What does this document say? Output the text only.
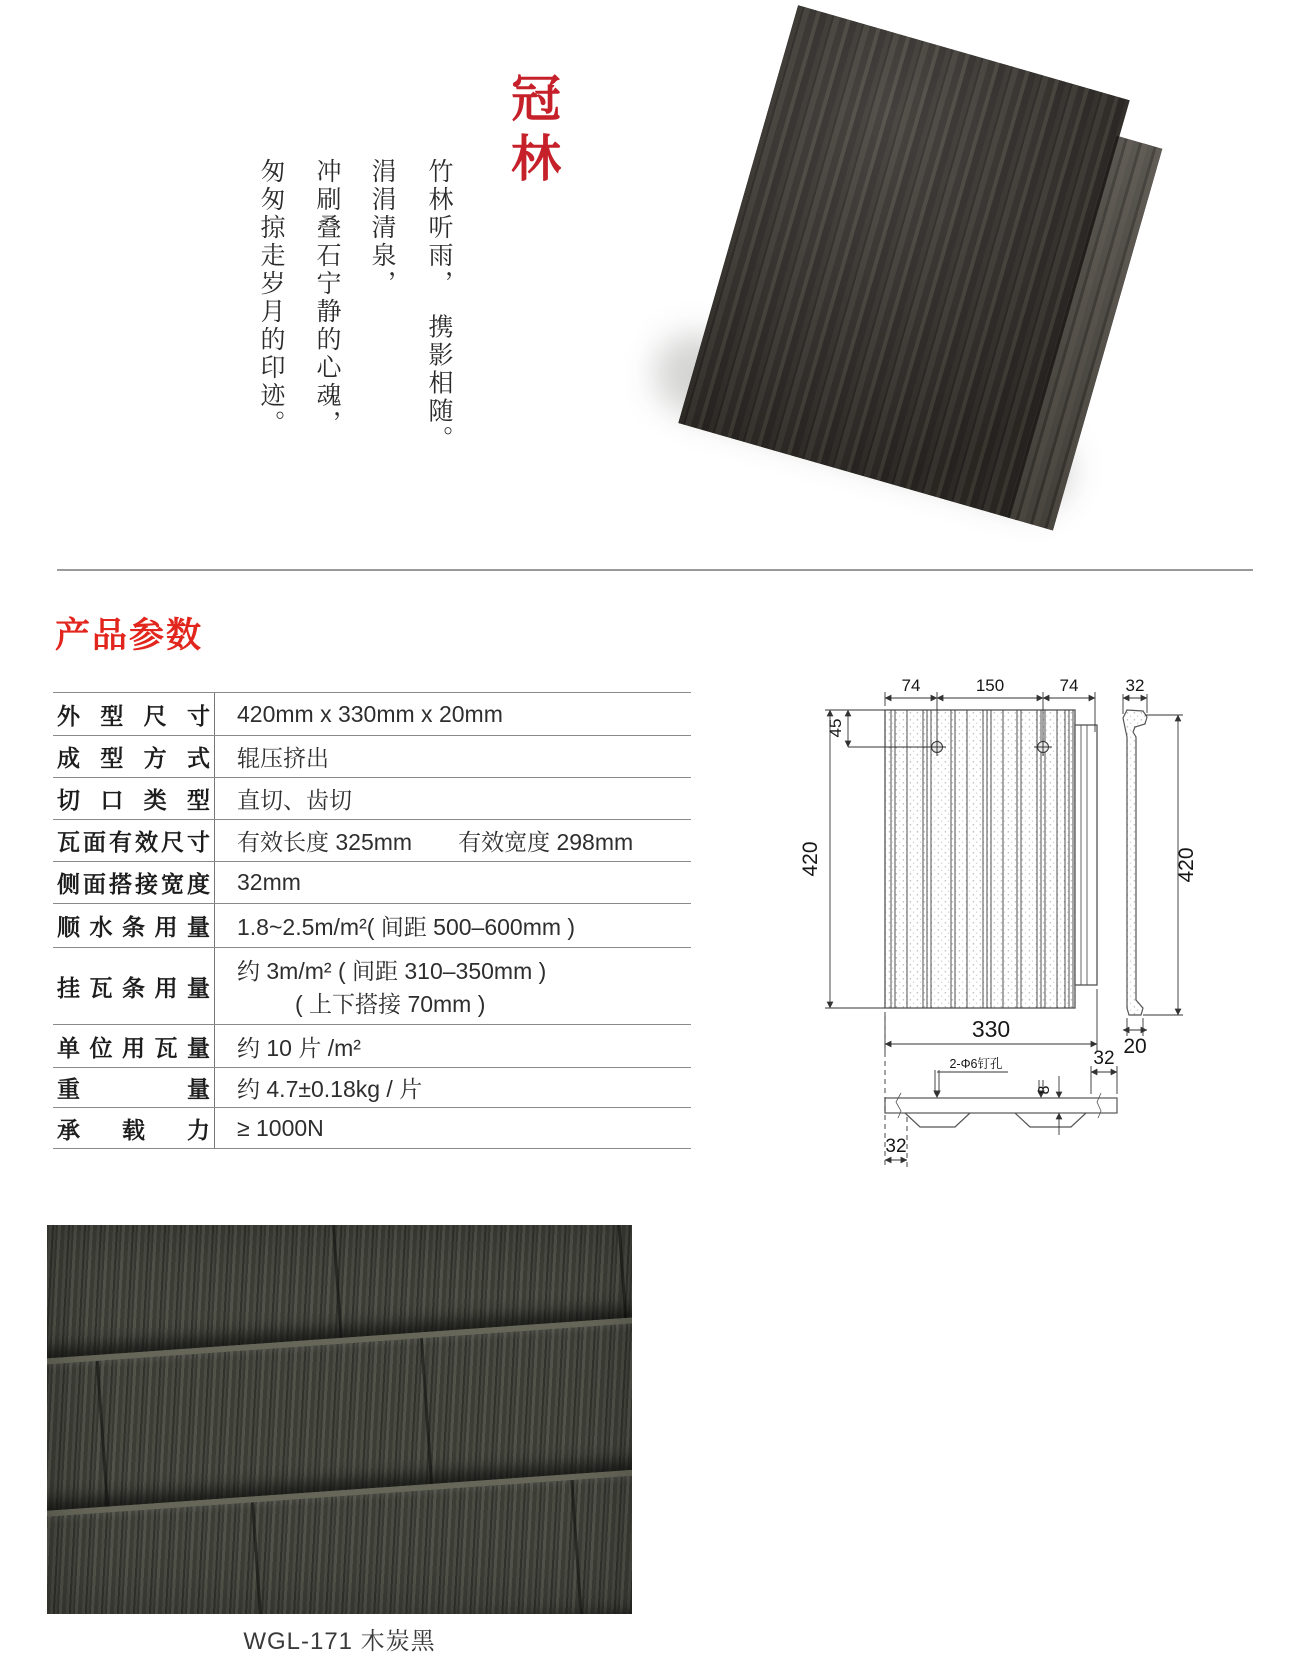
冠林
竹林听雨，　携影相随。
涓涓清泉，
冲刷叠石宁静的心魂，
匆匆掠走岁月的印迹。
产品参数
外型尺寸 420mm x 330mm x 20mm
成型方式 辊压挤出
切口类型 直切、齿切
瓦面有效尺寸 有效长度 325mm　　有效宽度 298mm
侧面搭接宽度 32mm
顺水条用量 1.8~2.5m/m²( 间距 500–600mm )
挂瓦条用量
约 3m/m² ( 间距 310–350mm )
( 上下搭接 70mm )
单位用瓦量 约 10 片 /m²
重量 约 4.7±0.18kg / 片
承载力 ≥ 1000N
74	150	74	32
45
420	420
330
20
2-Φ6钉孔
8
32
32
WGL-171 木炭黑
